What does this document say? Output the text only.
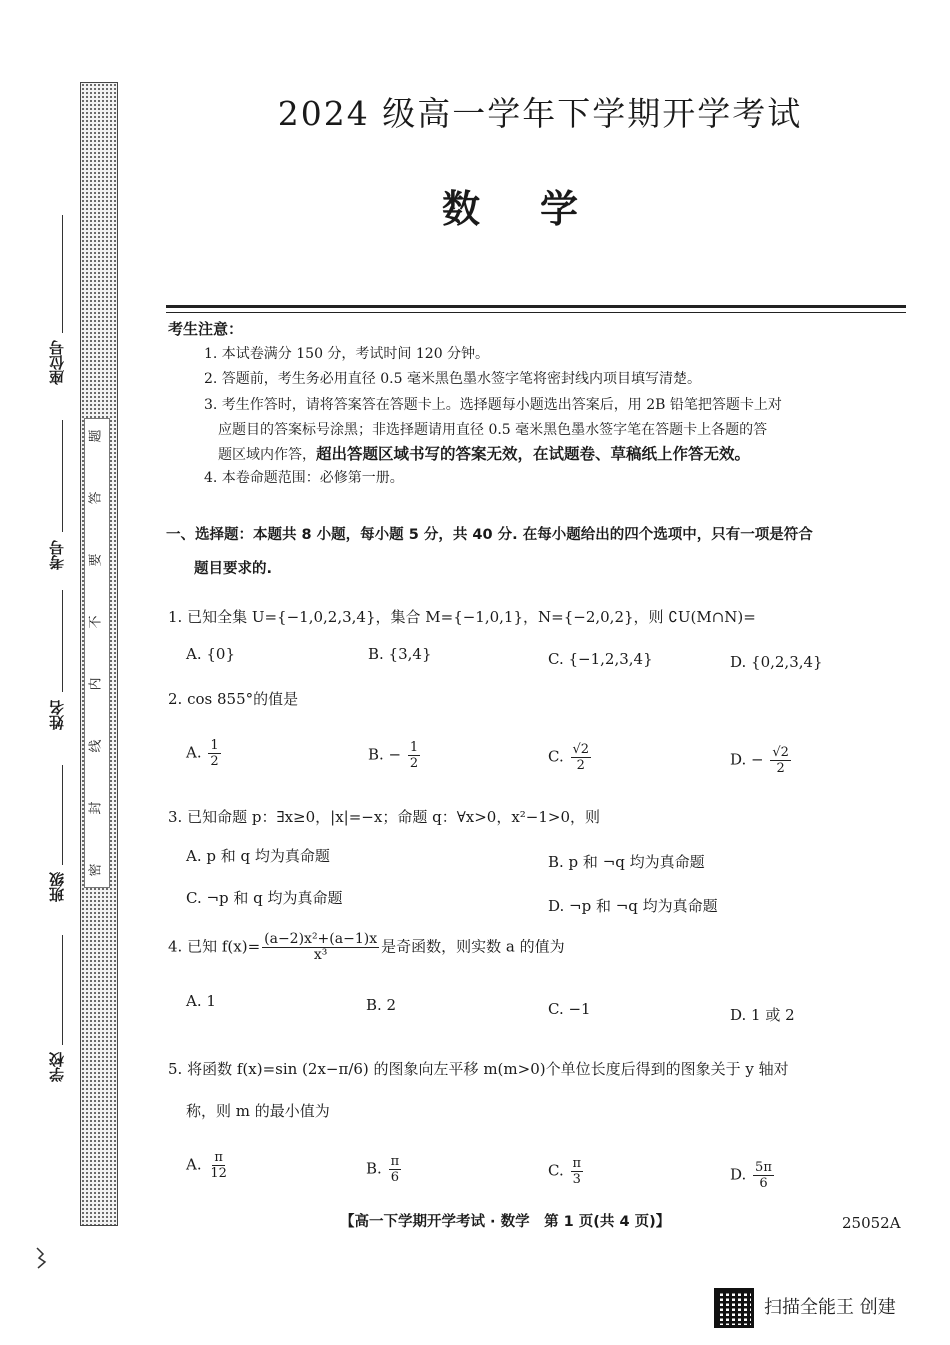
题
答
要
不
内
线
封
密
座位号
考号
姓名
班级
学校
2024 级高一学年下学期开学考试
数学
考生注意：
1. 本试卷满分 150 分，考试时间 120 分钟。
2. 答题前，考生务必用直径 0.5 毫米黑色墨水签字笔将密封线内项目填写清楚。
3. 考生作答时，请将答案答在答题卡上。选择题每小题选出答案后，用 2B 铅笔把答题卡上对
应题目的答案标号涂黑；非选择题请用直径 0.5 毫米黑色墨水签字笔在答题卡上各题的答
题区域内作答，超出答题区域书写的答案无效，在试题卷、草稿纸上作答无效。
4. 本卷命题范围：必修第一册。
一、选择题：本题共 8 小题，每小题 5 分，共 40 分. 在每小题给出的四个选项中，只有一项是符合
题目要求的.
1. 已知全集 U={−1,0,2,3,4}，集合 M={−1,0,1}，N={−2,0,2}，则 ∁U(M∩N)=
A. {0}	B. {3,4}	C. {−1,2,3,4}	D. {0,2,3,4}
2. cos 855°的值是
A. $\frac{1}{2}$	B. − $\frac{1}{2}$	C. $\frac{√2}{2}$	D. − $\frac{√2}{2}$
3. 已知命题 p：∃x≥0，|x|=−x；命题 q：∀x>0，x²−1>0，则
A. p 和 q 均为真命题	B. p 和 ¬q 均为真命题
C. ¬p 和 q 均为真命题	D. ¬p 和 ¬q 均为真命题
4. 已知 $f(x)= \frac{\text{(a−2)x²+(a−1)x}}{\text{x³}}$ 是奇函数，则实数 a 的值为
A. 1	B. 2	C. −1	D. 1 或 2
5. 将函数 f(x)=sin (2x−π/6) 的图象向左平移 m(m>0)个单位长度后得到的图象关于 y 轴对
称，则 m 的最小值为
A. $\frac{\pi}{12}$	B. $\frac{\pi}{6}$	C. $\frac{\pi}{3}$	D. $\frac{5\pi}{6}$
【高一下学期开学考试 · 数学　第 1 页(共 4 页)】	25052A
扫描全能王 创建
